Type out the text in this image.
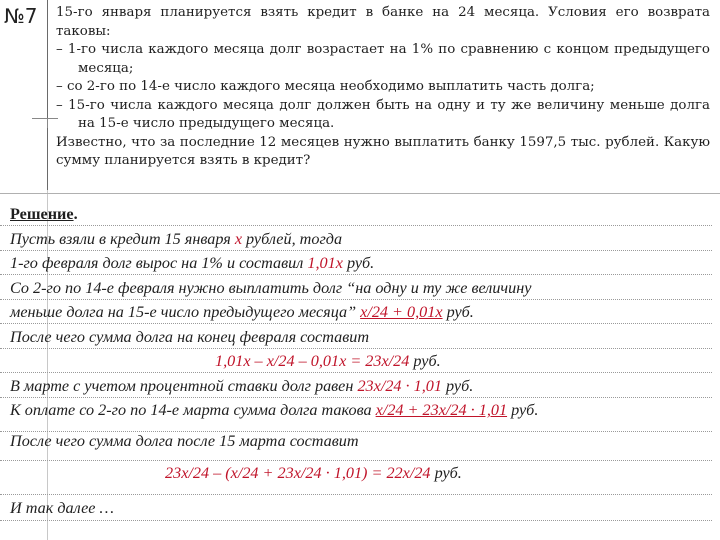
№7	15-го января планируется взять кредит в банке на 24 месяца. Условия его возврата таковы:

– 1-го числа каждого месяца долг возрастает на 1% по сравнению с концом предыдущего месяца;

– со 2-го по 14-е число каждого месяца необходимо выплатить часть долга;

– 15-го числа каждого месяца долг должен быть на одну и ту же величину меньше долга на 15-е число предыдущего месяца.

Известно, что за последние 12 месяцев нужно выплатить банку 1597,5 тыс. рублей. Какую сумму планируется взять в кредит?

Решение.
Пусть взяли в кредит 15 января x рублей, тогда
1-го февраля долг вырос на 1% и составил 1,01x руб.
Со 2-го по 14-е февраля нужно выплатить долг “на одну и ту же величину
меньше долга на 15-е число предыдущего месяца” x/24 + 0,01x руб.
После чего сумма долга на конец февраля составит
1,01x – x/24 – 0,01x = 23x/24 руб.
В марте с учетом процентной ставки долг равен 23x/24 · 1,01 руб.
К оплате со 2-го по 14-е марта сумма долга такова x/24 + 23x/24 · 1,01 руб.
После чего сумма долга после 15 марта составит
23x/24 – (x/24 + 23x/24 · 1,01) = 22x/24 руб.
И так далее …
